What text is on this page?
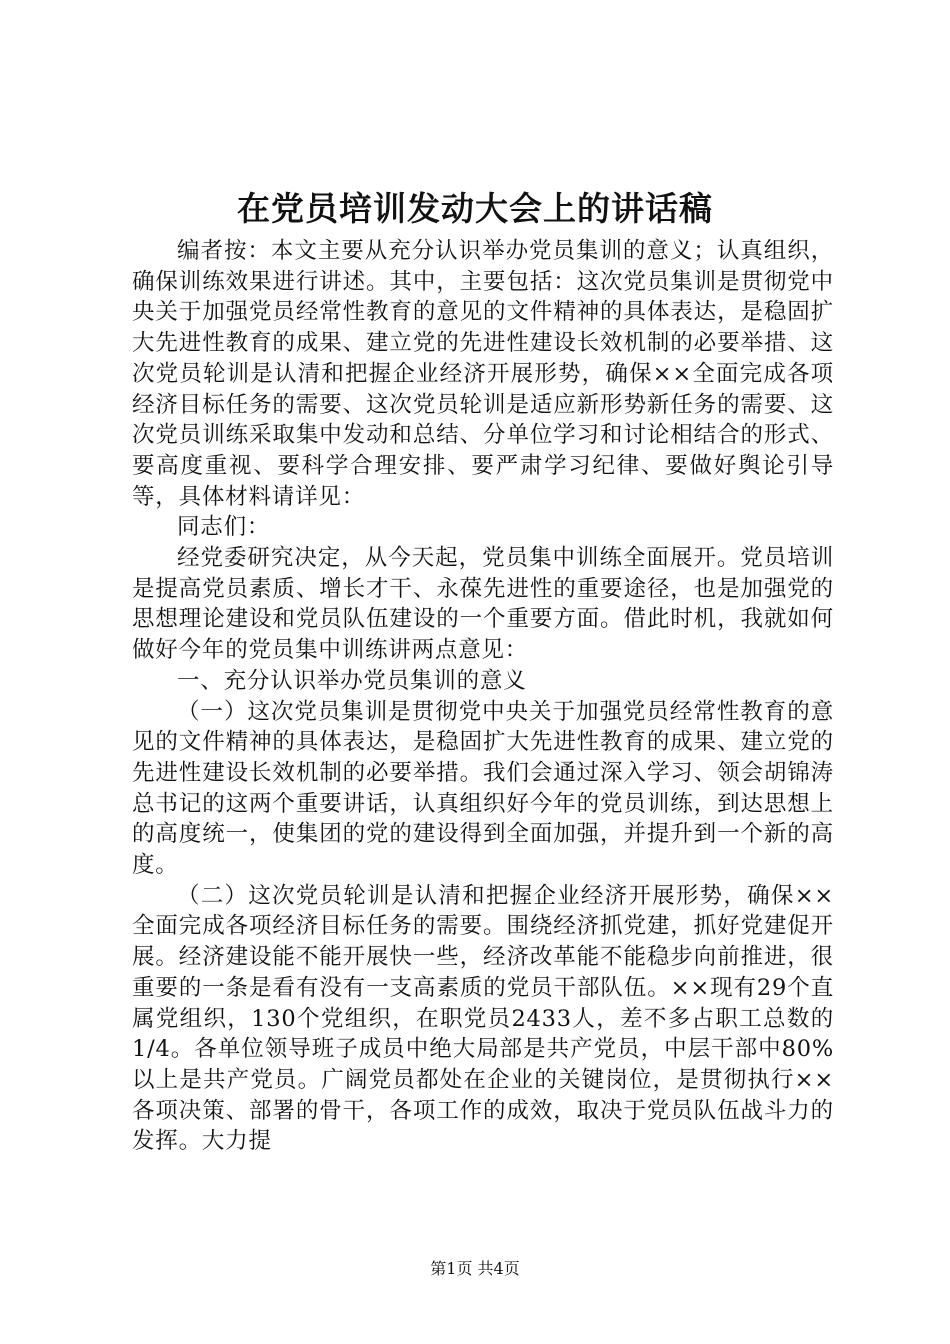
在党员培训发动大会上的讲话稿

编者按：本文主要从充分认识举办党员集训的意义；认真组织，确保训练效果进行讲述。其中，主要包括：这次党员集训是贯彻党中央关于加强党员经常性教育的意见的文件精神的具体表达，是稳固扩大先进性教育的成果、建立党的先进性建设长效机制的必要举措、这次党员轮训是认清和把握企业经济开展形势，确保××全面完成各项经济目标任务的需要、这次党员轮训是适应新形势新任务的需要、这次党员训练采取集中发动和总结、分单位学习和讨论相结合的形式、要高度重视、要科学合理安排、要严肃学习纪律、要做好舆论引导等，具体材料请详见：

同志们：

经党委研究决定，从今天起，党员集中训练全面展开。党员培训是提高党员素质、增长才干、永葆先进性的重要途径，也是加强党的思想理论建设和党员队伍建设的一个重要方面。借此时机，我就如何做好今年的党员集中训练讲两点意见：

一、充分认识举办党员集训的意义

（一）这次党员集训是贯彻党中央关于加强党员经常性教育的意见的文件精神的具体表达，是稳固扩大先进性教育的成果、建立党的先进性建设长效机制的必要举措。我们会通过深入学习、领会胡锦涛总书记的这两个重要讲话，认真组织好今年的党员训练，到达思想上的高度统一，使集团的党的建设得到全面加强，并提升到一个新的高度。

（二）这次党员轮训是认清和把握企业经济开展形势，确保××全面完成各项经济目标任务的需要。围绕经济抓党建，抓好党建促开展。经济建设能不能开展快一些，经济改革能不能稳步向前推进，很重要的一条是看有没有一支高素质的党员干部队伍。××现有29个直属党组织，130个党组织，在职党员2433人，差不多占职工总数的1/4。各单位领导班子成员中绝大局部是共产党员，中层干部中80%以上是共产党员。广阔党员都处在企业的关键岗位，是贯彻执行××各项决策、部署的骨干，各项工作的成效，取决于党员队伍战斗力的发挥。大力提

第1页 共4页
